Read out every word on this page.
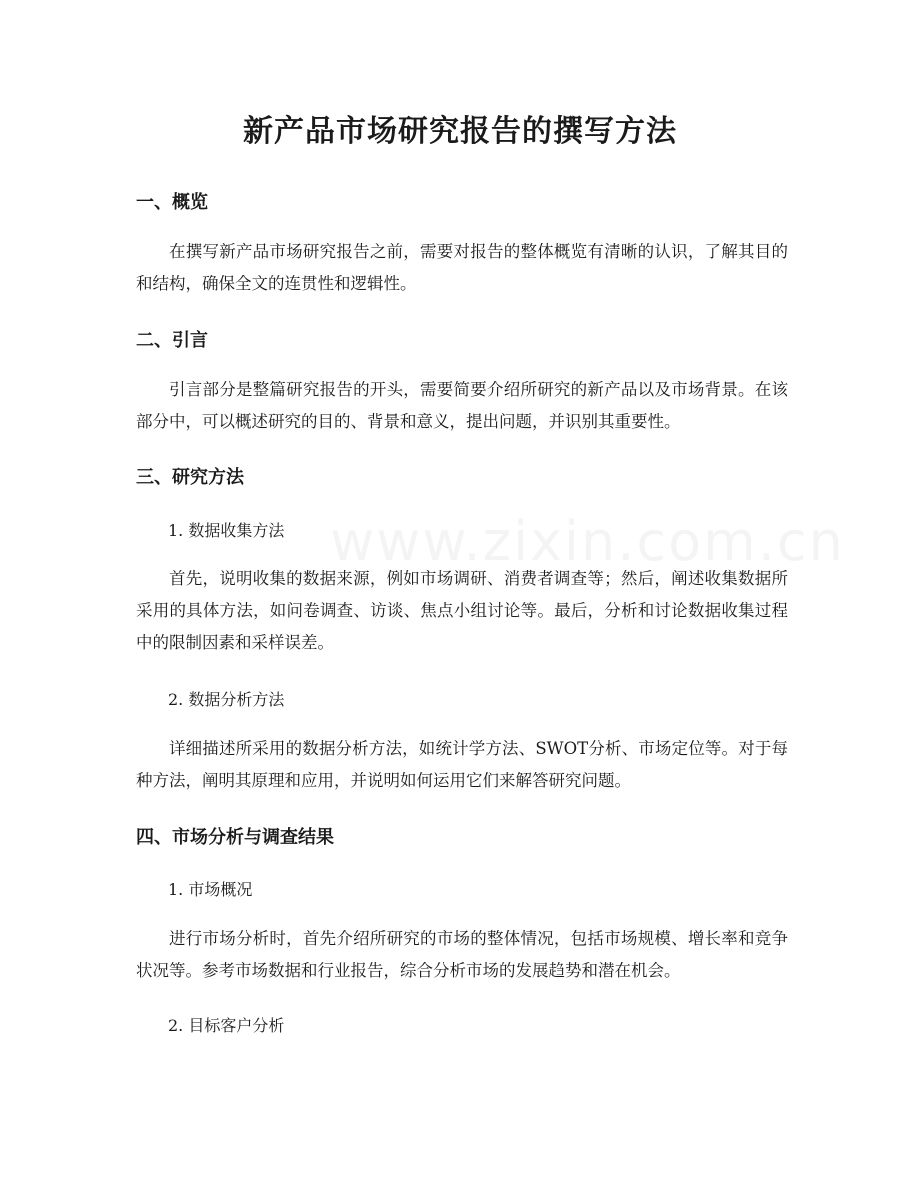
新产品市场研究报告的撰写方法
一、概览

在撰写新产品市场研究报告之前，需要对报告的整体概览有清晰的认识，了解其目的和结构，确保全文的连贯性和逻辑性。

二、引言

引言部分是整篇研究报告的开头，需要简要介绍所研究的新产品以及市场背景。在该部分中，可以概述研究的目的、背景和意义，提出问题，并识别其重要性。

三、研究方法
1. 数据收集方法

首先，说明收集的数据来源，例如市场调研、消费者调查等；然后，阐述收集数据所采用的具体方法，如问卷调查、访谈、焦点小组讨论等。最后，分析和讨论数据收集过程中的限制因素和采样误差。

2. 数据分析方法

详细描述所采用的数据分析方法，如统计学方法、SWOT分析、市场定位等。对于每种方法，阐明其原理和应用，并说明如何运用它们来解答研究问题。

四、市场分析与调查结果
1. 市场概况

进行市场分析时，首先介绍所研究的市场的整体情况，包括市场规模、增长率和竞争状况等。参考市场数据和行业报告，综合分析市场的发展趋势和潜在机会。

2. 目标客户分析
